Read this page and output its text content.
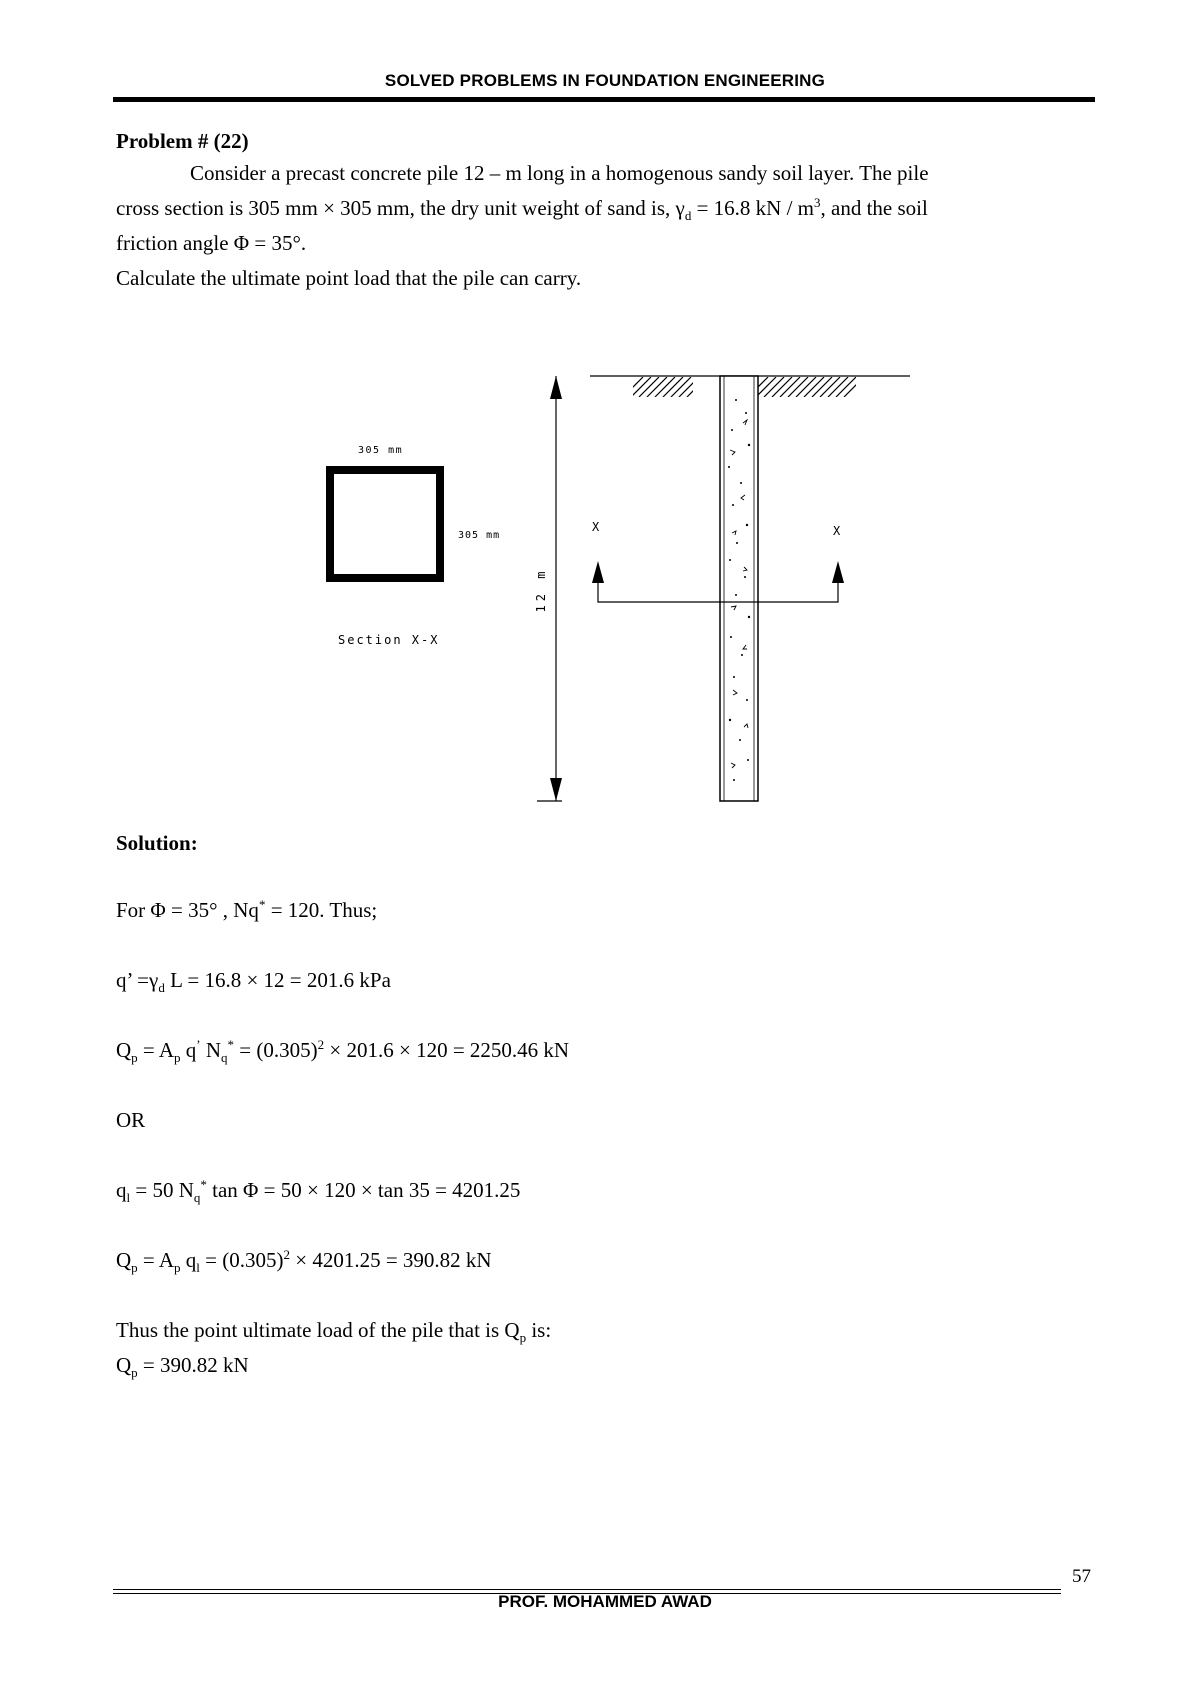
SOLVED PROBLEMS IN FOUNDATION ENGINEERING
Problem # (22)

Consider a precast concrete pile 12 – m long in a homogenous sandy soil layer. The pile

cross section is 305 mm × 305 mm, the dry unit weight of sand is, $\gamma_d = 16.8$ kN / $m^3$, and the soil

friction angle Φ = 35°.

Calculate the ultimate point load that the pile can carry.

305 mm
305 mm
Section X-X
12 m
X	X
Solution:
For Φ = 35° , Nq* = 120. Thus;
q’ $=\gamma_d$ L = 16.8 × 12 = 201.6 kPa
$Q_p = A_p$ q’ $N_q^* = (0.305)^2 \times 201.6 \times 120 = 2250.46$ kN
OR
$q_l = 50$ $N_q^*$ tan Φ = 50 × 120 × tan 35 = 4201.25
$Q_p = A_p$ $q_l = (0.305)^2 \times 4201.25 = 390.82$ kN
Thus the point ultimate load of the pile that is $Q_p$ is:
$Q_p = 390.82$ kN
57
PROF. MOHAMMED AWAD
